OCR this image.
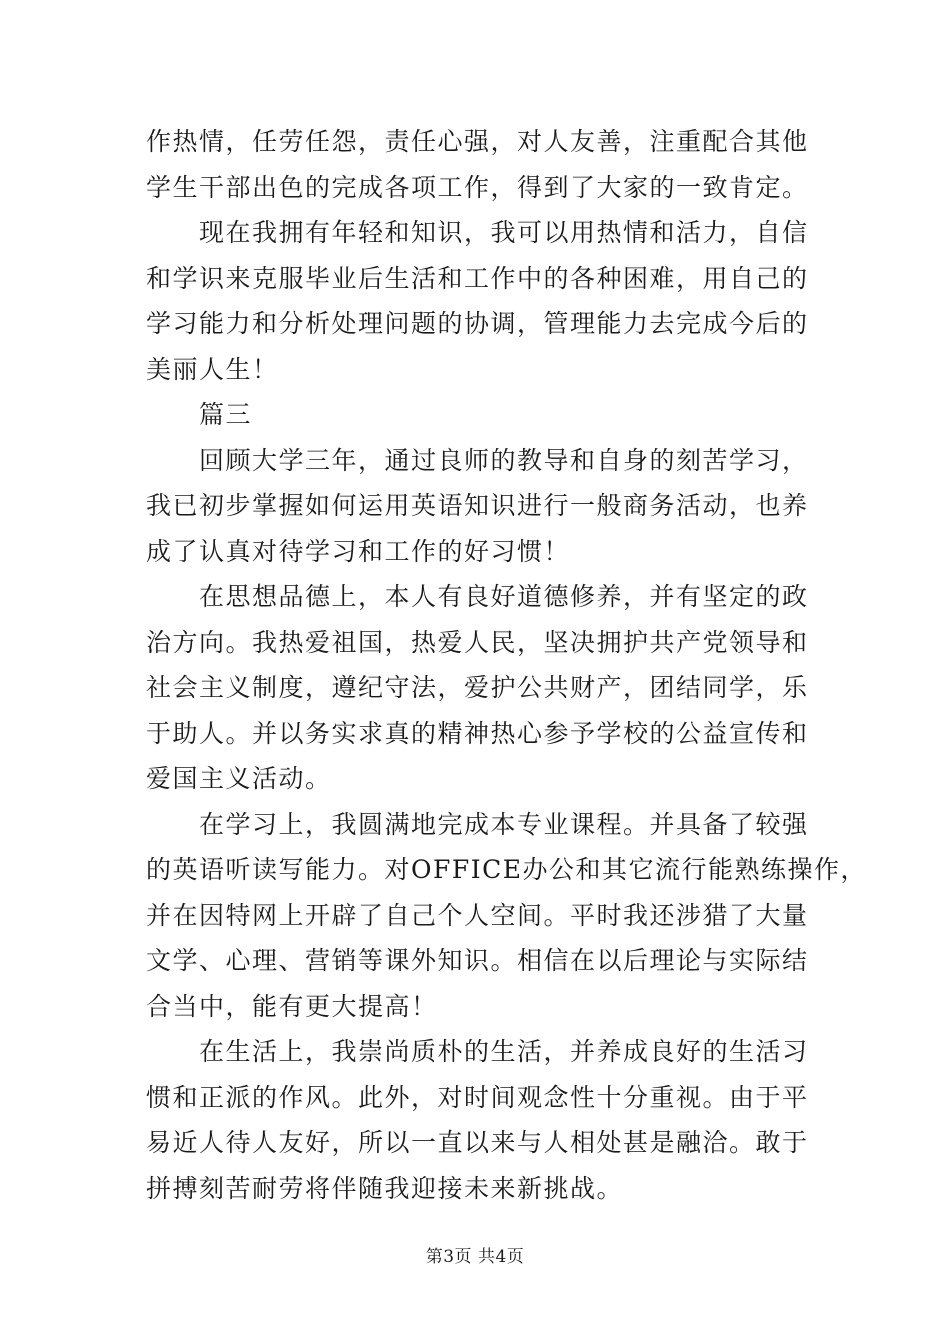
作热情，任劳任怨，责任心强，对人友善，注重配合其他
学生干部出色的完成各项工作，得到了大家的一致肯定。
现在我拥有年轻和知识，我可以用热情和活力，自信
和学识来克服毕业后生活和工作中的各种困难，用自己的
学习能力和分析处理问题的协调，管理能力去完成今后的
美丽人生！
篇三
回顾大学三年，通过良师的教导和自身的刻苦学习，
我已初步掌握如何运用英语知识进行一般商务活动，也养
成了认真对待学习和工作的好习惯！
在思想品德上，本人有良好道德修养，并有坚定的政
治方向。我热爱祖国，热爱人民，坚决拥护共产党领导和
社会主义制度，遵纪守法，爱护公共财产，团结同学，乐
于助人。并以务实求真的精神热心参予学校的公益宣传和
爱国主义活动。
在学习上，我圆满地完成本专业课程。并具备了较强
的英语听读写能力。对OFFICE办公和其它流行能熟练操作，
并在因特网上开辟了自己个人空间。平时我还涉猎了大量
文学、心理、营销等课外知识。相信在以后理论与实际结
合当中，能有更大提高！
在生活上，我崇尚质朴的生活，并养成良好的生活习
惯和正派的作风。此外，对时间观念性十分重视。由于平
易近人待人友好，所以一直以来与人相处甚是融洽。敢于
拼搏刻苦耐劳将伴随我迎接未来新挑战。
第3页 共4页
